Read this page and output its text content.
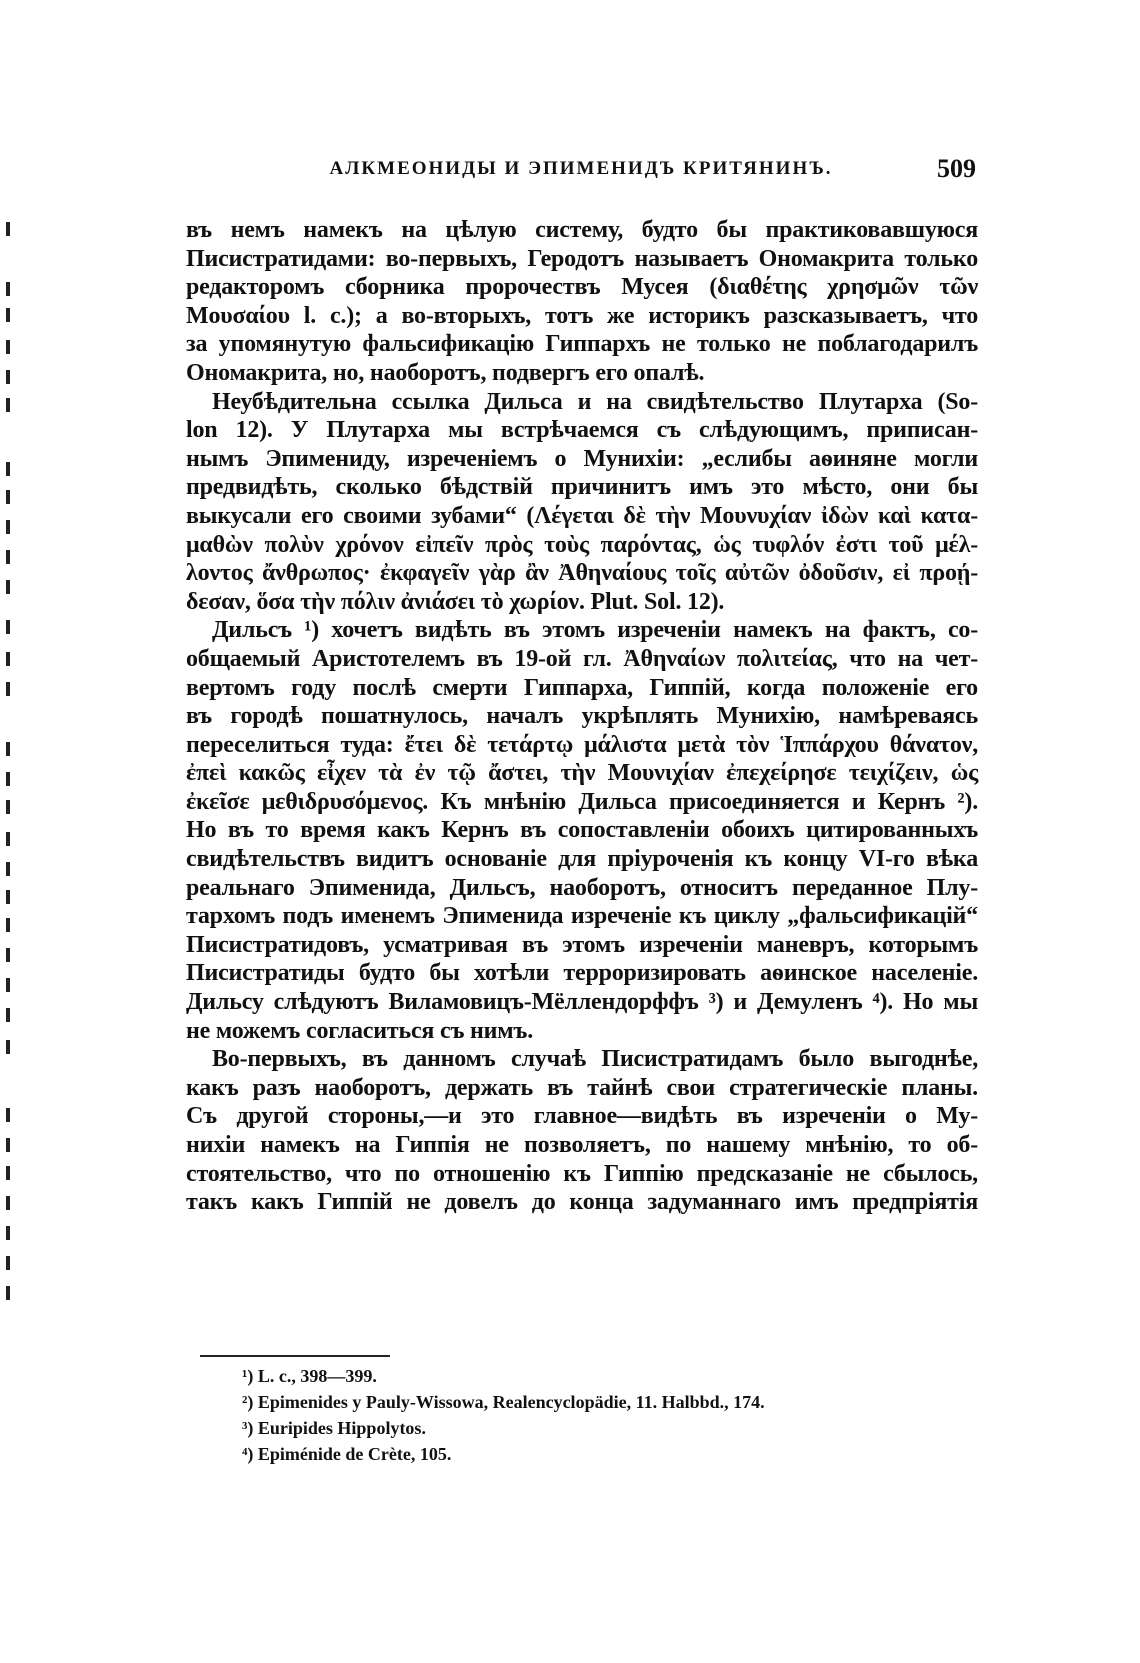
АЛКМЕОНИДЫ И ЭПИМЕНИДЪ КРИТЯНИНЪ.	509
въ немъ намекъ на цѣлую систему, будто бы практиковавшуюся
Писистратидами: во-первыхъ, Геродотъ называетъ Ономакрита только
редакторомъ сборника пророчествъ Мусея (διαθέτης χρησμῶν τῶν
Μουσαίου l. c.); а во-вторыхъ, тотъ же историкъ разсказываетъ, что
за упомянутую фальсификацію Гиппархъ не только не поблагодарилъ
Ономакрита, но, наоборотъ, подвергъ его опалѣ.
Неубѣдительна ссылка Дильса и на свидѣтельство Плутарха (So-
lon 12). У Плутарха мы встрѣчаемся съ слѣдующимъ, приписан-
нымъ Эпимениду, изреченіемъ о Мунихіи: „еслибы аѳиняне могли
предвидѣть, сколько бѣдствій причинитъ имъ это мѣсто, они бы
выкусали его своими зубами“ (Λέγεται δὲ τὴν Μουνυχίαν ἰδὼν καὶ κατα-
μαθὼν πολὺν χρόνον εἰπεῖν πρὸς τοὺς παρόντας, ὡς τυφλόν ἐστι τοῦ μέλ-
λοντος ἄνθρωπος· ἐκφαγεῖν γὰρ ἂν Ἀθηναίους τοῖς αὐτῶν ὀδοῦσιν, εἰ προῄ-
δεσαν, ὅσα τὴν πόλιν ἀνιάσει τὸ χωρίον. Plut. Sol. 12).
Дильсъ ¹) хочетъ видѣть въ этомъ изреченіи намекъ на фактъ, со-
общаемый Аристотелемъ въ 19-ой гл. Ἀθηναίων πολιτείας, что на чет-
вертомъ году послѣ смерти Гиппарха, Гиппій, когда положеніе его
въ городѣ пошатнулось, началъ укрѣплять Мунихію, намѣреваясь
переселиться туда: ἔτει δὲ τετάρτῳ μάλιστα μετὰ τὸν Ἱππάρχου θάνατον,
ἐπεὶ κακῶς εἶχεν τὰ ἐν τῷ ἄστει, τὴν Μουνιχίαν ἐπεχείρησε τειχίζειν, ὡς
ἐκεῖσε μεθιδρυσόμενος. Къ мнѣнію Дильса присоединяется и Кернъ ²).
Но въ то время какъ Кернъ въ сопоставленіи обоихъ цитированныхъ
свидѣтельствъ видитъ основаніе для пріуроченія къ концу VI-го вѣка
реальнаго Эпименида, Дильсъ, наоборотъ, относитъ переданное Плу-
тархомъ подъ именемъ Эпименида изреченіе къ циклу „фальсификацій“
Писистратидовъ, усматривая въ этомъ изреченіи маневръ, которымъ
Писистратиды будто бы хотѣли терроризировать аѳинское населеніе.
Дильсу слѣдуютъ Виламовицъ-Мёллендорффъ ³) и Демуленъ ⁴). Но мы
не можемъ согласиться съ нимъ.
Во-первыхъ, въ данномъ случаѣ Писистратидамъ было выгоднѣе,
какъ разъ наоборотъ, держать въ тайнѣ свои стратегическіе планы.
Съ другой стороны,—и это главное—видѣть въ изреченіи о Му-
нихіи намекъ на Гиппія не позволяетъ, по нашему мнѣнію, то об-
стоятельство, что по отношенію къ Гиппію предсказаніе не сбылось,
такъ какъ Гиппій не довелъ до конца задуманнаго имъ предпріятія
¹) L. c., 398—399.
²) Epimenides y Pauly-Wissowa, Realencyclopädie, 11. Halbbd., 174.
³) Euripides Hippolytos.
⁴) Epiménide de Crète, 105.
